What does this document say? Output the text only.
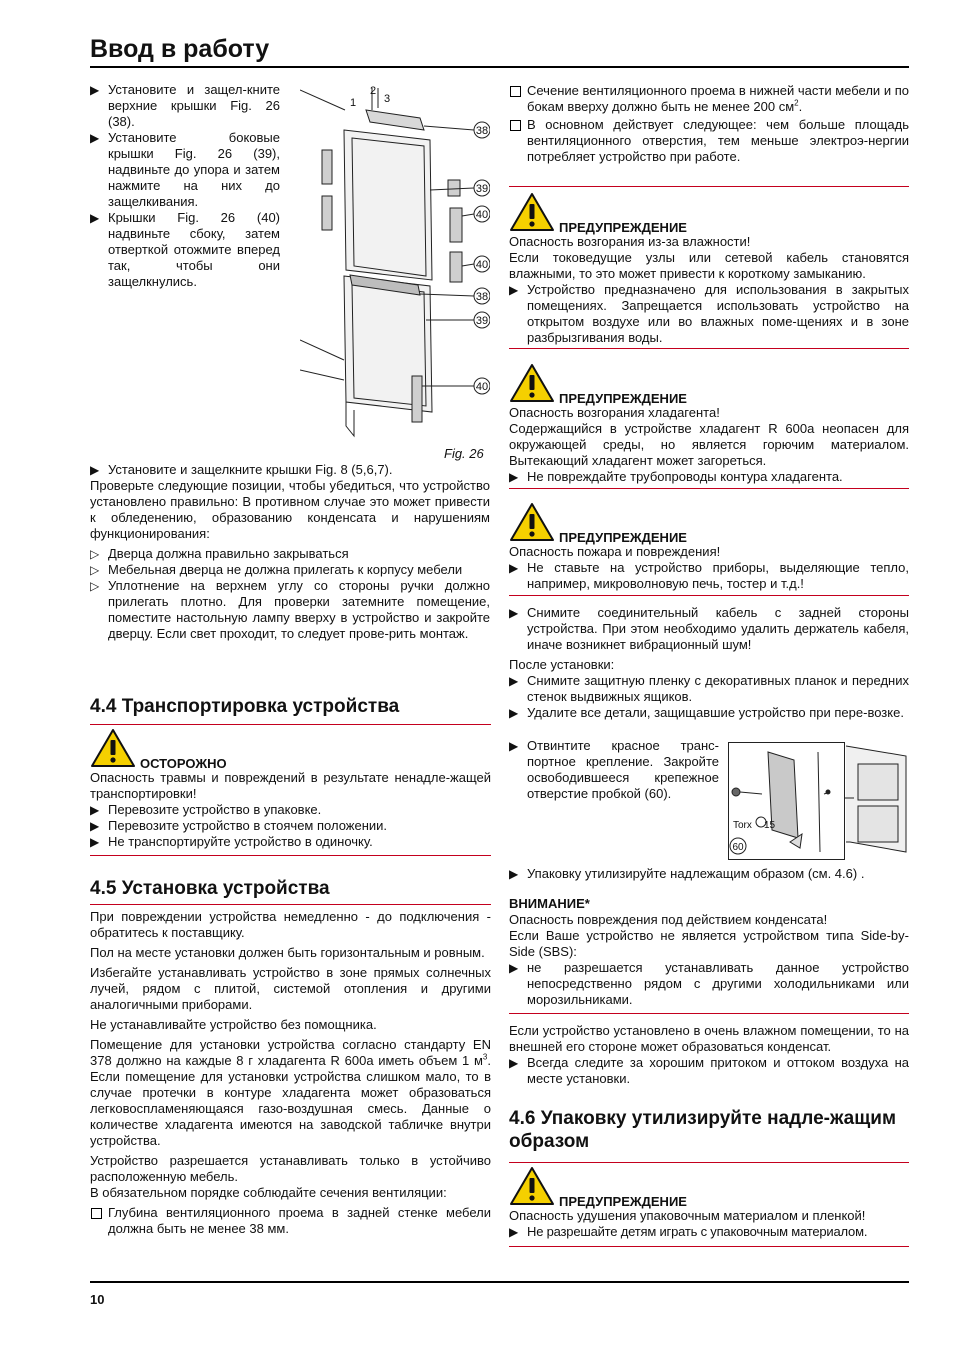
Ввод в работу

▶ Установите и защел-кните верхние крышки Fig. 26 (38).

▶ Установите боковые крышки Fig. 26 (39), надвиньте до упора и затем нажмите на них до защелкивания.

▶ Крышки Fig. 26 (40) надвиньте сбоку, затем отверткой отожмите вперед так, чтобы они защелкнулись.

1
2
3
38
39
40
40
38
39
40
Fig. 26

▶ Установите и защелкните крышки Fig. 8 (5,6,7).

Проверьте следующие позиции, чтобы убедиться, что устройство установлено правильно: В противном случае это может привести к обледенению, образованию конденсата и нарушениям функционирования:

▷ Дверца должна правильно закрываться

▷ Мебельная дверца не должна прилегать к корпусу мебели

▷ Уплотнение на верхнем углу со стороны ручки должно прилегать плотно. Для проверки затемните помещение, поместите настольную лампу вверху в устройство и закройте дверцу. Если свет проходит, то следует прове-рить монтаж.

4.4 Транспортировка устройства
ОСТОРОЖНО

Опасность травмы и повреждений в результате ненадле-жащей транспортировки!

▶ Перевозите устройство в упаковке.

▶ Перевозите устройство в стоячем положении.

▶ Не транспортируйте устройство в одиночку.

4.5 Установка устройства

При повреждении устройства немедленно - до подключения - обратитесь к поставщику.

Пол на месте установки должен быть горизонтальным и ровным.

Избегайте устанавливать устройство в зоне прямых солнечных лучей, рядом с плитой, системой отопления и другими аналогичными приборами.

Не устанавливайте устройство без помощника.

Помещение для установки устройства согласно стандарту EN 378 должно на каждые 8 г хладагента R 600a иметь объем 1 $м^3$. Если помещение для установки устройства слишком мало, то в случае протечки в контуре хладагента может образоваться легковоспламеняющаяся газо-воздушная смесь. Данные о количестве хладагента имеются на заводской табличке внутри устройства.

Устройство разрешается устанавливать только в устойчиво расположенную мебель.

В обязательном порядке соблюдайте сечения вентиляции:

Глубина вентиляционного проема в задней стенке мебели должна быть не менее 38 мм.

Сечение вентиляционного проема в нижней части мебели и по бокам вверху должно быть не менее 200 $см^2$.

В основном действует следующее: чем больше площадь вентиляционного отверстия, тем меньше электроэ-нергии потребляет устройство при работе.

ПРЕДУПРЕЖДЕНИЕ

Опасность возгорания из-за влажности!

Если токоведущие узлы или сетевой кабель становятся влажными, то это может привести к короткому замыканию.

▶ Устройство предназначено для использования в закрытых помещениях. Запрещается использовать устройство на открытом воздухе или во влажных поме-щениях и в зоне разбрызгивания воды.

ПРЕДУПРЕЖДЕНИЕ

Опасность возгорания хладагента!

Содержащийся в устройстве хладагент R 600a неопасен для окружающей среды, но является горючим материалом. Вытекающий хладагент может загореться.

▶ Не повреждайте трубопроводы контура хладагента.

ПРЕДУПРЕЖДЕНИЕ

Опасность пожара и повреждения!

▶ Не ставьте на устройство приборы, выделяющие тепло, например, микроволновую печь, тостер и т.д.!

▶ Снимите соединительный кабель с задней стороны устройства. При этом необходимо удалить держатель кабеля, иначе возникнет вибрационный шум!

После установки:

▶ Снимите защитную пленку с декоративных планок и передних стенок выдвижных ящиков.

▶ Удалите все детали, защищавшие устройство при пере-возке.

▶ Отвинтите красное транс-портное крепление. Закройте освободившееся крепежное отверстие пробкой (60).

Torx 15
60

▶ Упаковку утилизируйте надлежащим образом (см. 4.6) .

ВНИМАНИЕ*

Опасность повреждения под действием конденсата!

Если Ваше устройство не является устройством типа Side-by-Side (SBS):

▶ не разрешается устанавливать данное устройство непосредственно рядом с другими холодильниками или морозильниками.

Если устройство установлено в очень влажном помещении, то на внешней его стороне может образоваться конденсат.

▶ Всегда следите за хорошим притоком и оттоком воздуха на месте установки.

4.6 Упаковку утилизируйте надле-жащим образом
ПРЕДУПРЕЖДЕНИЕ

Опасность удушения упаковочным материалом и пленкой!

▶ Не разрешайте детям играть с упаковочным материалом.

10
